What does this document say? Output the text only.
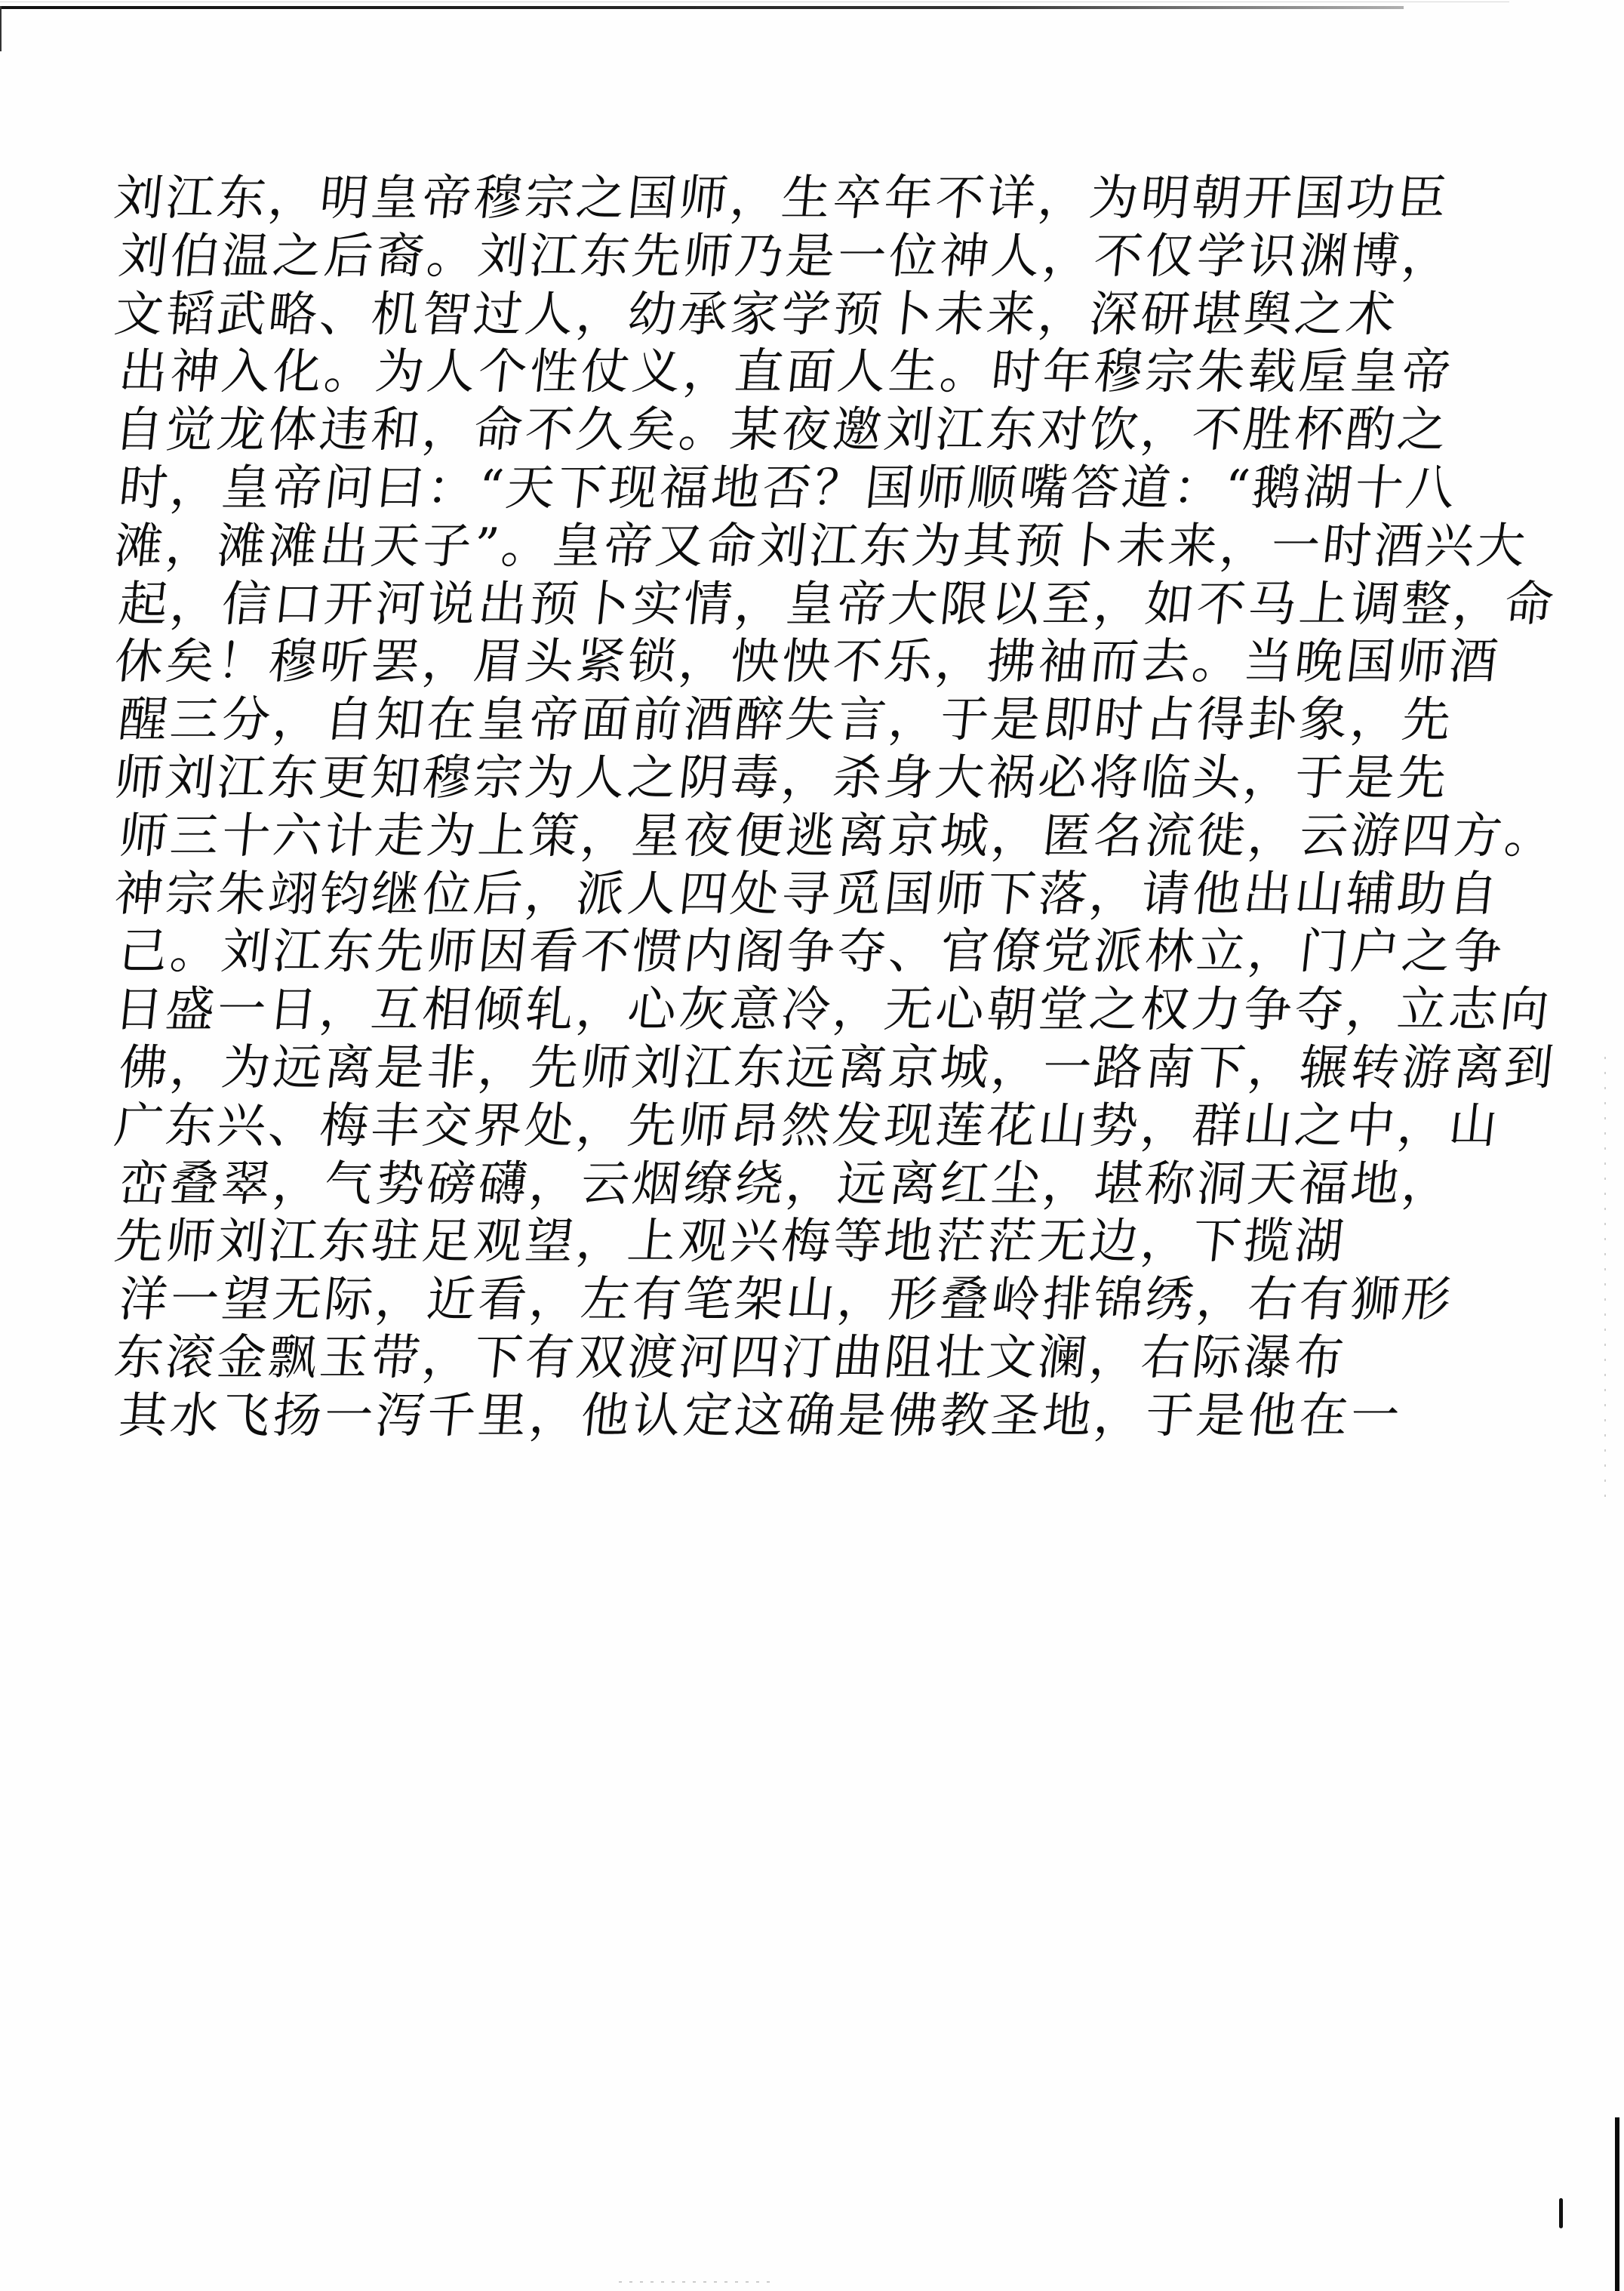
刘江东，明皇帝穆宗之国师，生卒年不详，为明朝开国功臣
刘伯温之后裔。刘江东先师乃是一位神人，不仅学识渊博，
文韬武略、机智过人，幼承家学预卜未来，深研堪舆之术
出神入化。为人个性仗义，直面人生。时年穆宗朱载垕皇帝
自觉龙体违和，命不久矣。某夜邀刘江东对饮，不胜杯酌之
时，皇帝问曰：“天下现福地否？国师顺嘴答道：“鹅湖十八
滩，滩滩出天子”。皇帝又命刘江东为其预卜未来，一时酒兴大
起，信口开河说出预卜实情，皇帝大限以至，如不马上调整，命
休矣！穆听罢，眉头紧锁，怏怏不乐，拂袖而去。当晚国师酒
醒三分，自知在皇帝面前酒醉失言，于是即时占得卦象，先
师刘江东更知穆宗为人之阴毒，杀身大祸必将临头，于是先
师三十六计走为上策，星夜便逃离京城，匿名流徙，云游四方。
神宗朱翊钧继位后，派人四处寻觅国师下落，请他出山辅助自
己。刘江东先师因看不惯内阁争夺、官僚党派林立，门户之争
日盛一日，互相倾轧，心灰意冷，无心朝堂之权力争夺，立志向
佛，为远离是非，先师刘江东远离京城，一路南下，辗转游离到
广东兴、梅丰交界处，先师昂然发现莲花山势，群山之中，山
峦叠翠，气势磅礴，云烟缭绕，远离红尘，堪称洞天福地，
先师刘江东驻足观望，上观兴梅等地茫茫无边，下揽湖
洋一望无际，近看，左有笔架山，形叠岭排锦绣，右有狮形
东滚金飘玉带，下有双渡河四汀曲阻壮文澜，右际瀑布
其水飞扬一泻千里，他认定这确是佛教圣地，于是他在一
